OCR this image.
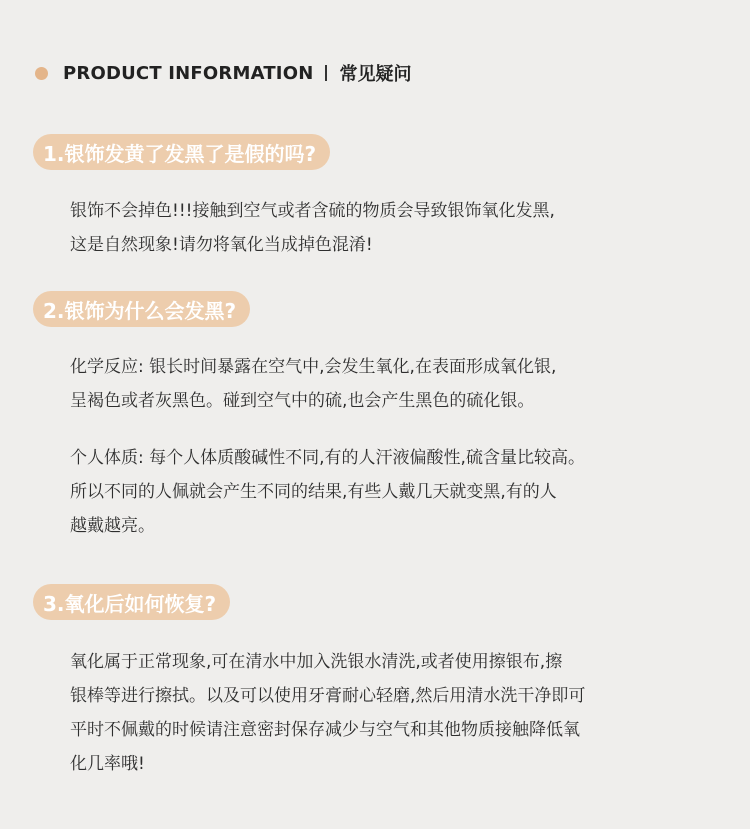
PRODUCT INFORMATION 常见疑问
1.银饰发黄了发黑了是假的吗?
银饰不会掉色!!!接触到空气或者含硫的物质会导致银饰氧化发黑,
这是自然现象!请勿将氧化当成掉色混淆!
2.银饰为什么会发黑?
化学反应: 银长时间暴露在空气中,会发生氧化,在表面形成氧化银,
呈褐色或者灰黑色。碰到空气中的硫,也会产生黑色的硫化银。
个人体质: 每个人体质酸碱性不同,有的人汗液偏酸性,硫含量比较高。
所以不同的人佩就会产生不同的结果,有些人戴几天就变黑,有的人
越戴越亮。
3.氧化后如何恢复?
氧化属于正常现象,可在清水中加入洗银水清洗,或者使用擦银布,擦
银棒等进行擦拭。以及可以使用牙膏耐心轻磨,然后用清水洗干净即可
平时不佩戴的时候请注意密封保存减少与空气和其他物质接触降低氧
化几率哦!
